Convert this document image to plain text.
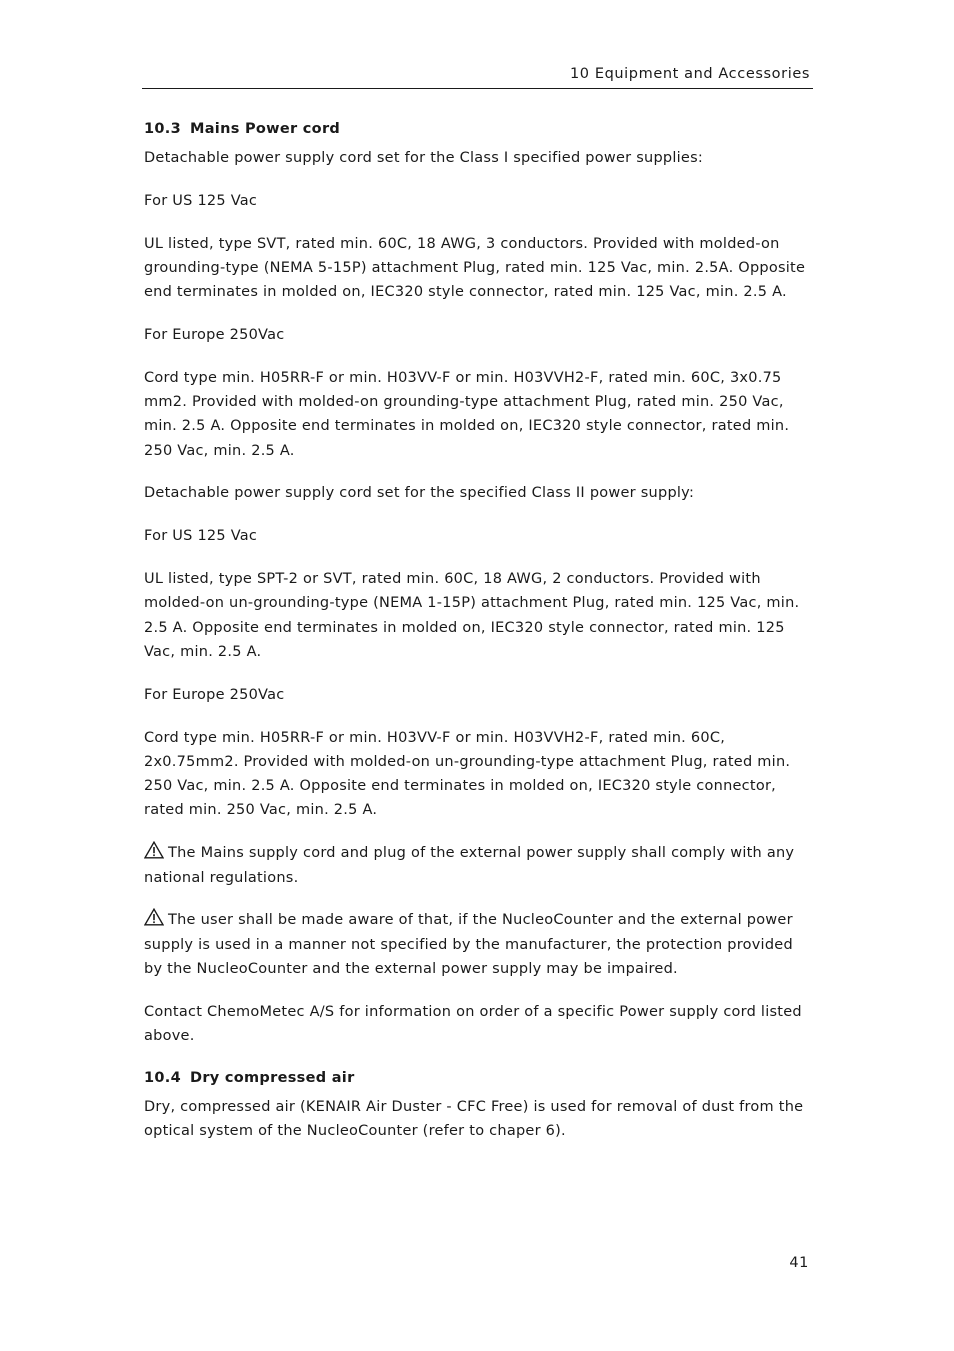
10 Equipment and Accessories
10.3 Mains Power cord

Detachable power supply cord set for the Class I specified power supplies:

For US 125 Vac

UL listed, type SVT, rated min. 60C, 18 AWG, 3 conductors. Provided with molded-on grounding-type (NEMA 5-15P) attachment Plug, rated min. 125 Vac, min. 2.5A. Opposite end terminates in molded on, IEC320 style connector, rated min. 125 Vac, min. 2.5 A.

For Europe 250Vac

Cord type min. H05RR-F or min. H03VV-F or min. H03VVH2-F, rated min. 60C, 3x0.75 mm2. Provided with molded-on grounding-type attachment Plug, rated min. 250 Vac, min. 2.5 A. Opposite end terminates in molded on, IEC320 style connector, rated min. 250 Vac, min. 2.5 A.

Detachable power supply cord set for the specified Class II power supply:

For US 125 Vac

UL listed, type SPT-2 or SVT, rated min. 60C, 18 AWG, 2 conductors. Provided with molded-on un-grounding-type (NEMA 1-15P) attachment Plug, rated min. 125 Vac, min. 2.5 A. Opposite end terminates in molded on, IEC320 style connector, rated min. 125 Vac, min. 2.5 A.

For Europe 250Vac

Cord type min. H05RR-F or min. H03VV-F or min. H03VVH2-F, rated min. 60C, 2x0.75mm2. Provided with molded-on un-grounding-type attachment Plug, rated min. 250 Vac, min. 2.5 A. Opposite end terminates in molded on, IEC320 style connector, rated min. 250 Vac, min. 2.5 A.

The Mains supply cord and plug of the external power supply shall comply with any national regulations.

The user shall be made aware of that, if the NucleoCounter and the external power supply is used in a manner not specified by the manufacturer, the protection provided by the NucleoCounter and the external power supply may be impaired.

Contact ChemoMetec A/S for information on order of a specific Power supply cord listed above.

10.4 Dry compressed air

Dry, compressed air (KENAIR Air Duster - CFC Free) is used for removal of dust from the optical system of the NucleoCounter (refer to chaper 6).

41
